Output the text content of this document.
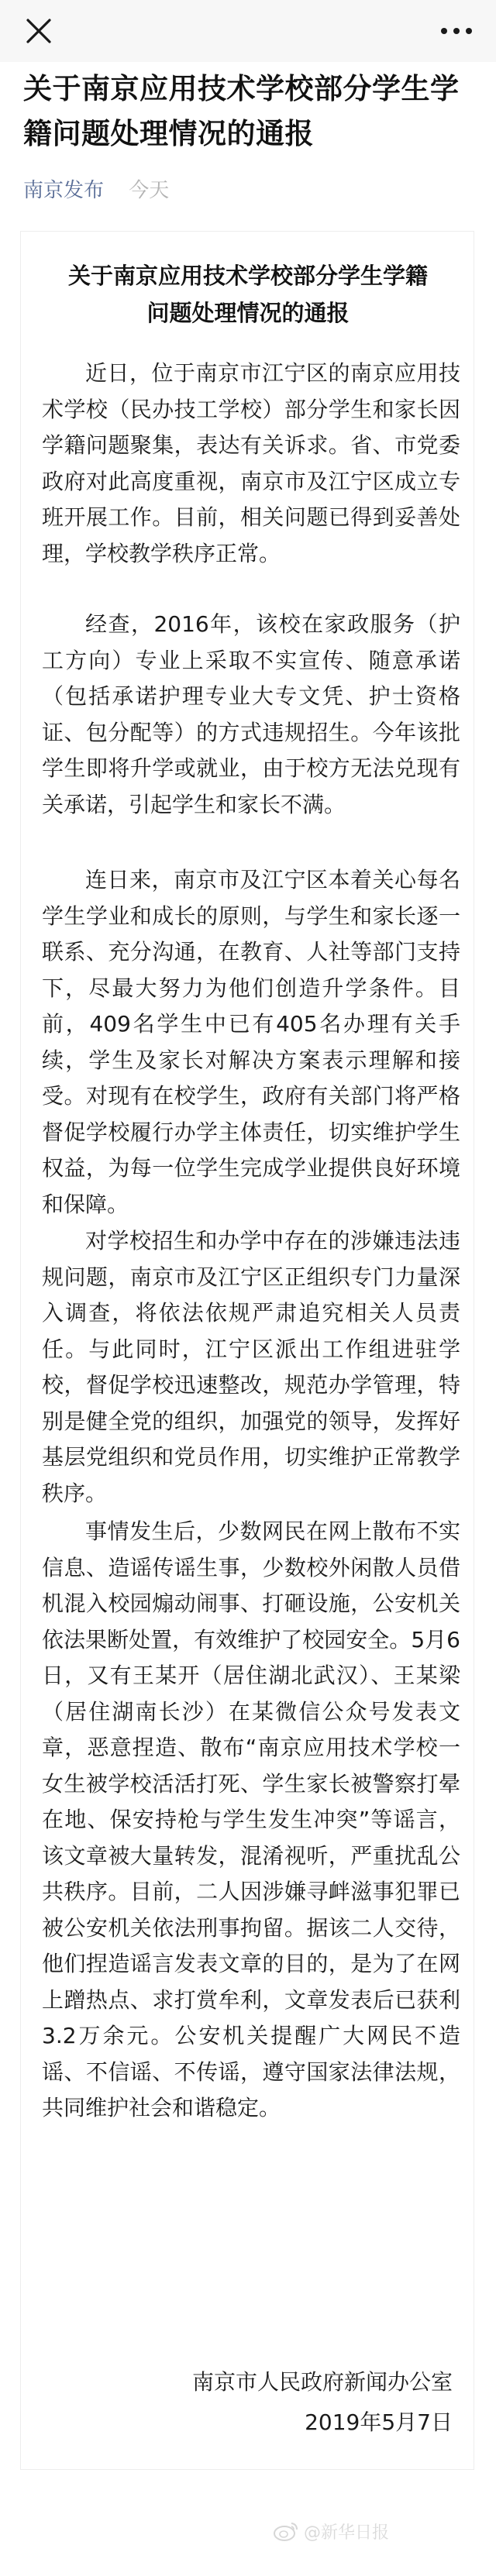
关于南京应用技术学校部分学生学籍问题处理情况的通报
南京发布 今天
关于南京应用技术学校部分学生学籍
问题处理情况的通报

近日，位于南京市江宁区的南京应用技术学校（民办技工学校）部分学生和家长因学籍问题聚集，表达有关诉求。省、市党委政府对此高度重视，南京市及江宁区成立专班开展工作。目前，相关问题已得到妥善处理，学校教学秩序正常。

经查，2016年，该校在家政服务（护工方向）专业上采取不实宣传、随意承诺（包括承诺护理专业大专文凭、护士资格证、包分配等）的方式违规招生。今年该批学生即将升学或就业，由于校方无法兑现有关承诺，引起学生和家长不满。

连日来，南京市及江宁区本着关心每名学生学业和成长的原则，与学生和家长逐一联系、充分沟通，在教育、人社等部门支持下，尽最大努力为他们创造升学条件。目前，409名学生中已有405名办理有关手续，学生及家长对解决方案表示理解和接受。对现有在校学生，政府有关部门将严格督促学校履行办学主体责任，切实维护学生权益，为每一位学生完成学业提供良好环境和保障。

对学校招生和办学中存在的涉嫌违法违规问题，南京市及江宁区正组织专门力量深入调查，将依法依规严肃追究相关人员责任。与此同时，江宁区派出工作组进驻学校，督促学校迅速整改，规范办学管理，特别是健全党的组织，加强党的领导，发挥好基层党组织和党员作用，切实维护正常教学秩序。

事情发生后，少数网民在网上散布不实信息、造谣传谣生事，少数校外闲散人员借机混入校园煽动闹事、打砸设施，公安机关依法果断处置，有效维护了校园安全。5月6日，又有王某开（居住湖北武汉）、王某梁（居住湖南长沙）在某微信公众号发表文章，恶意捏造、散布“南京应用技术学校一女生被学校活活打死、学生家长被警察打晕在地、保安持枪与学生发生冲突”等谣言，该文章被大量转发，混淆视听，严重扰乱公共秩序。目前，二人因涉嫌寻衅滋事犯罪已被公安机关依法刑事拘留。据该二人交待，他们捏造谣言发表文章的目的，是为了在网上蹭热点、求打赏牟利，文章发表后已获利3.2万余元。公安机关提醒广大网民不造谣、不信谣、不传谣，遵守国家法律法规，共同维护社会和谐稳定。

南京市人民政府新闻办公室
2019年5月7日
@新华日报
